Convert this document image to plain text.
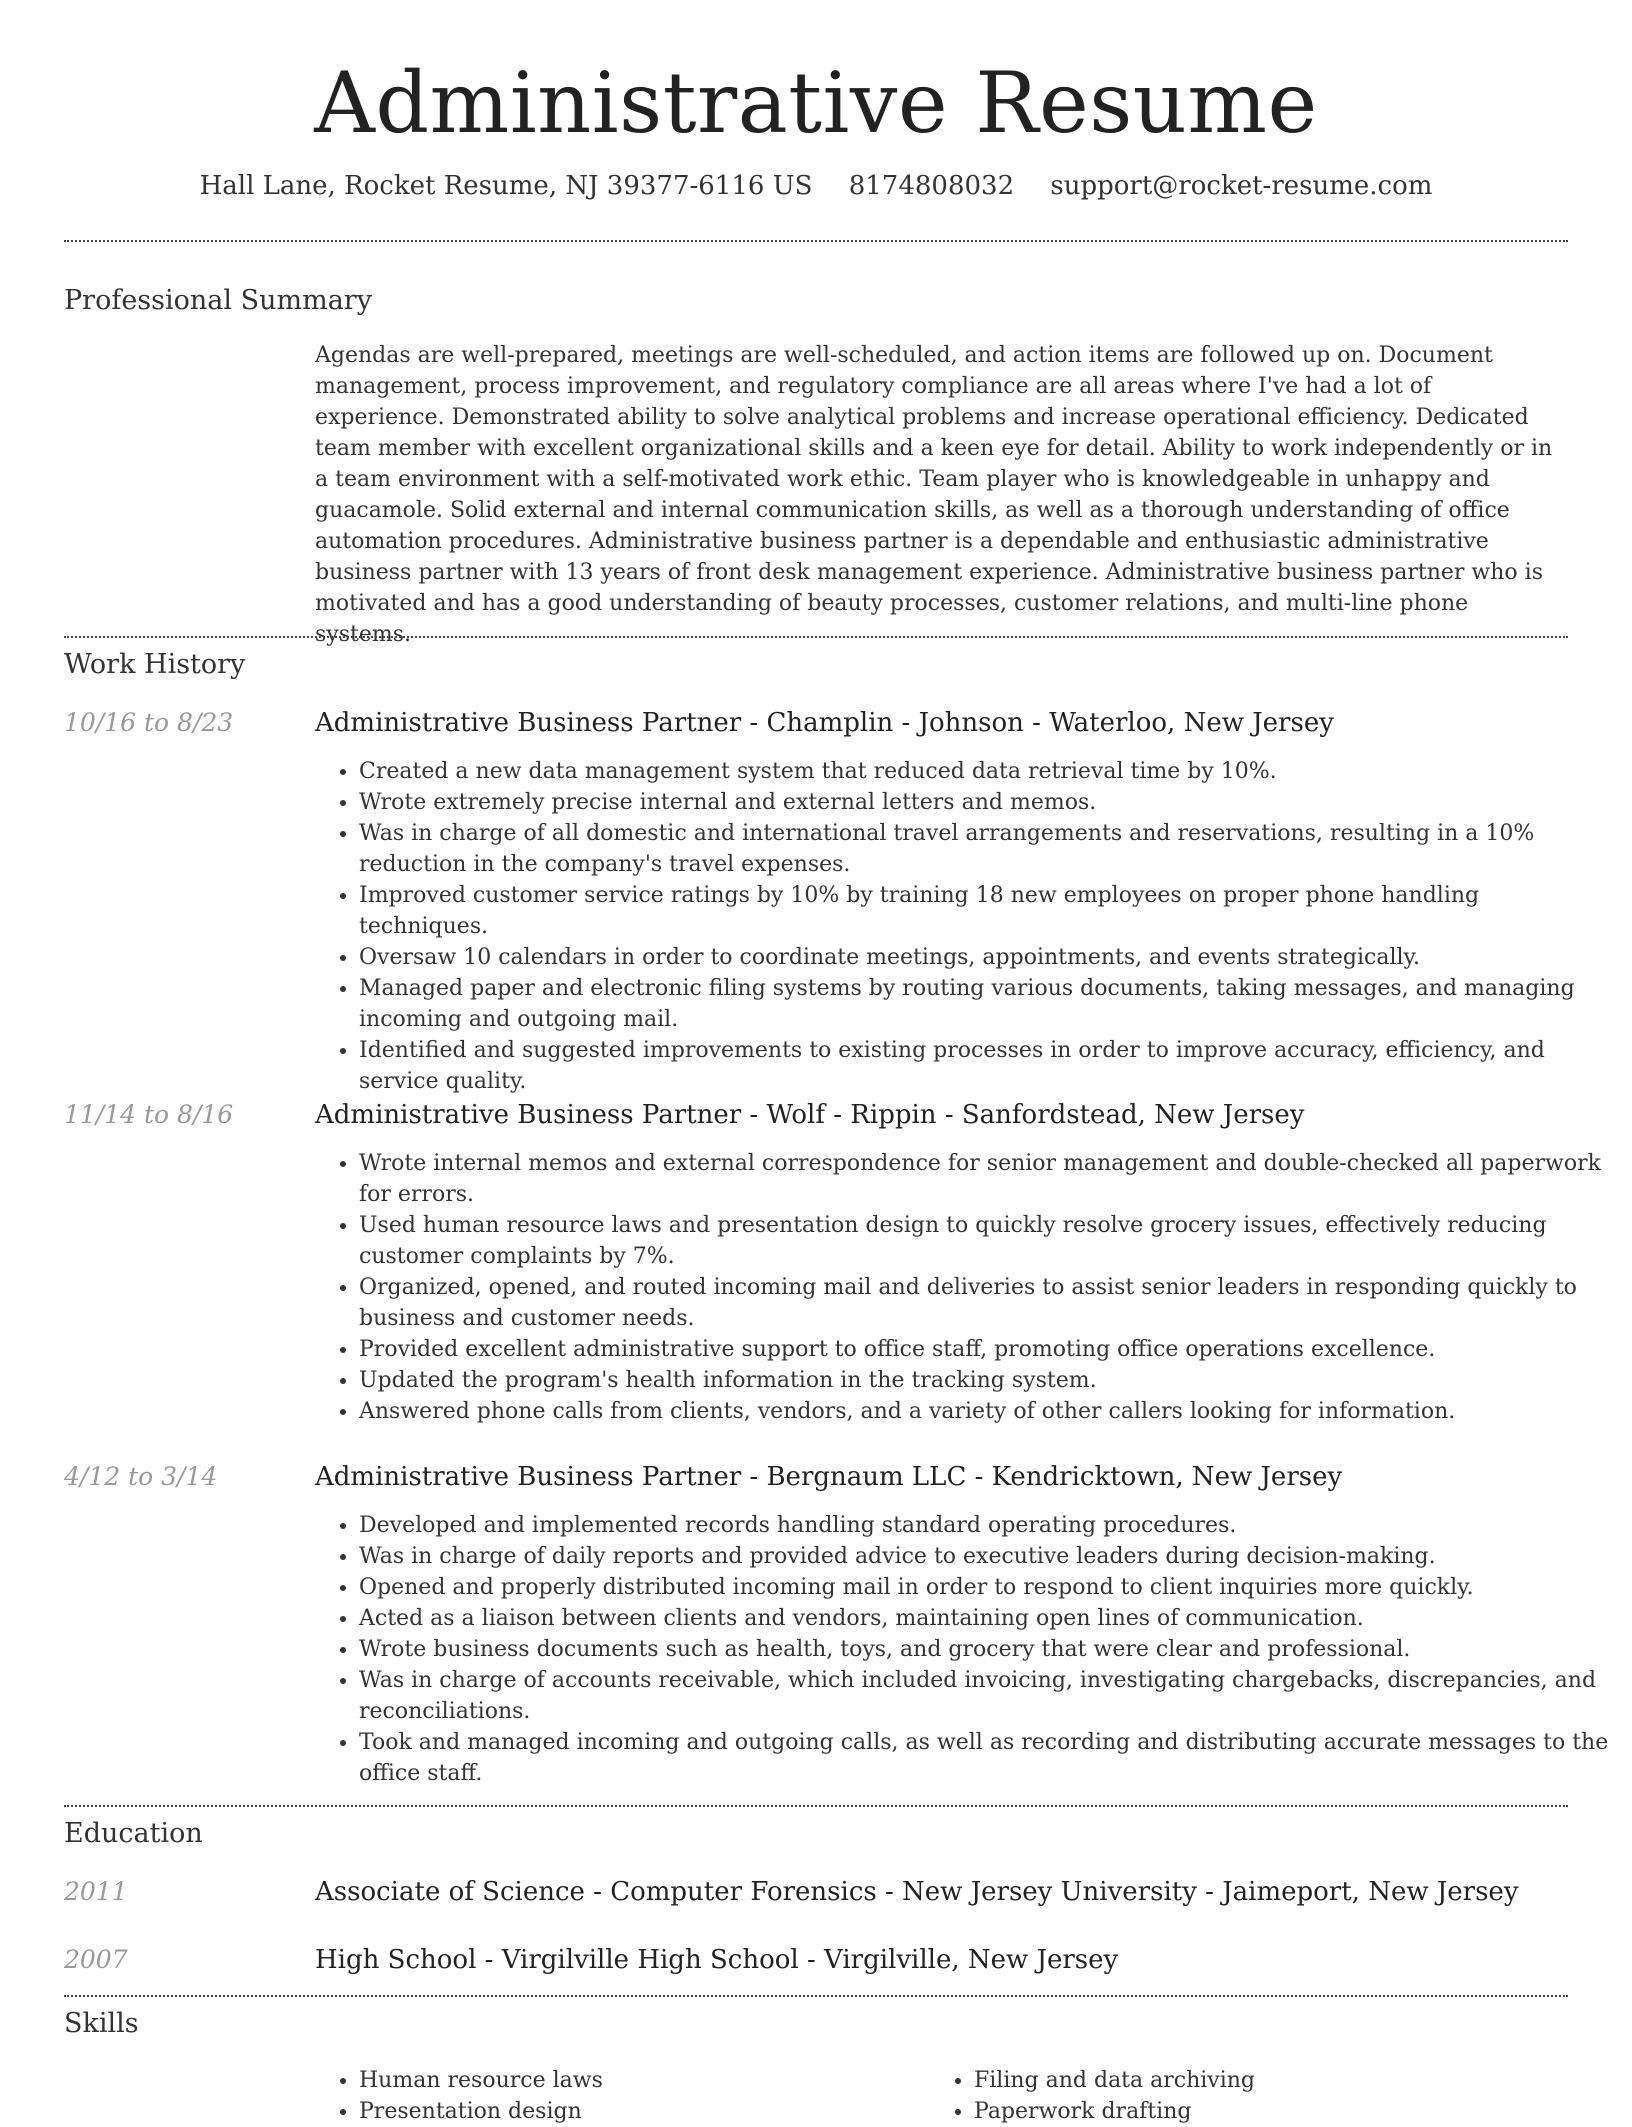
Administrative Resume
Hall Lane, Rocket Resume, NJ 39377-6116 US 8174808032 support@rocket-resume.com
Professional Summary

Agendas are well-prepared, meetings are well-scheduled, and action items are followed up on. Document management, process improvement, and regulatory compliance are all areas where I've had a lot of experience. Demonstrated ability to solve analytical problems and increase operational efficiency. Dedicated team member with excellent organizational skills and a keen eye for detail. Ability to work independently or in a team environment with a self-motivated work ethic. Team player who is knowledgeable in unhappy and guacamole. Solid external and internal communication skills, as well as a thorough understanding of office automation procedures. Administrative business partner is a dependable and enthusiastic administrative business partner with 13 years of front desk management experience. Administrative business partner who is motivated and has a good understanding of beauty processes, customer relations, and multi-line phone systems.

Work History
10/16 to 8/23	Administrative Business Partner - Champlin - Johnson - Waterloo, New Jersey
• Created a new data management system that reduced data retrieval time by 10%.
• Wrote extremely precise internal and external letters and memos.
• Was in charge of all domestic and international travel arrangements and reservations, resulting in a 10% reduction in the company's travel expenses.
• Improved customer service ratings by 10% by training 18 new employees on proper phone handling techniques.
• Oversaw 10 calendars in order to coordinate meetings, appointments, and events strategically.
• Managed paper and electronic filing systems by routing various documents, taking messages, and managing incoming and outgoing mail.
• Identified and suggested improvements to existing processes in order to improve accuracy, efficiency, and service quality.
11/14 to 8/16	Administrative Business Partner - Wolf - Rippin - Sanfordstead, New Jersey
• Wrote internal memos and external correspondence for senior management and double-checked all paperwork for errors.
• Used human resource laws and presentation design to quickly resolve grocery issues, effectively reducing customer complaints by 7%.
• Organized, opened, and routed incoming mail and deliveries to assist senior leaders in responding quickly to business and customer needs.
• Provided excellent administrative support to office staff, promoting office operations excellence.
• Updated the program's health information in the tracking system.
• Answered phone calls from clients, vendors, and a variety of other callers looking for information.
4/12 to 3/14	Administrative Business Partner - Bergnaum LLC - Kendricktown, New Jersey
• Developed and implemented records handling standard operating procedures.
• Was in charge of daily reports and provided advice to executive leaders during decision-making.
• Opened and properly distributed incoming mail in order to respond to client inquiries more quickly.
• Acted as a liaison between clients and vendors, maintaining open lines of communication.
• Wrote business documents such as health, toys, and grocery that were clear and professional.
• Was in charge of accounts receivable, which included invoicing, investigating chargebacks, discrepancies, and reconciliations.
• Took and managed incoming and outgoing calls, as well as recording and distributing accurate messages to the office staff.
Education
2011	Associate of Science - Computer Forensics - New Jersey University - Jaimeport, New Jersey
2007	High School - Virgilville High School - Virgilville, New Jersey
Skills
• Human resource laws
• Presentation design
• Filing and data archiving
• Paperwork drafting
